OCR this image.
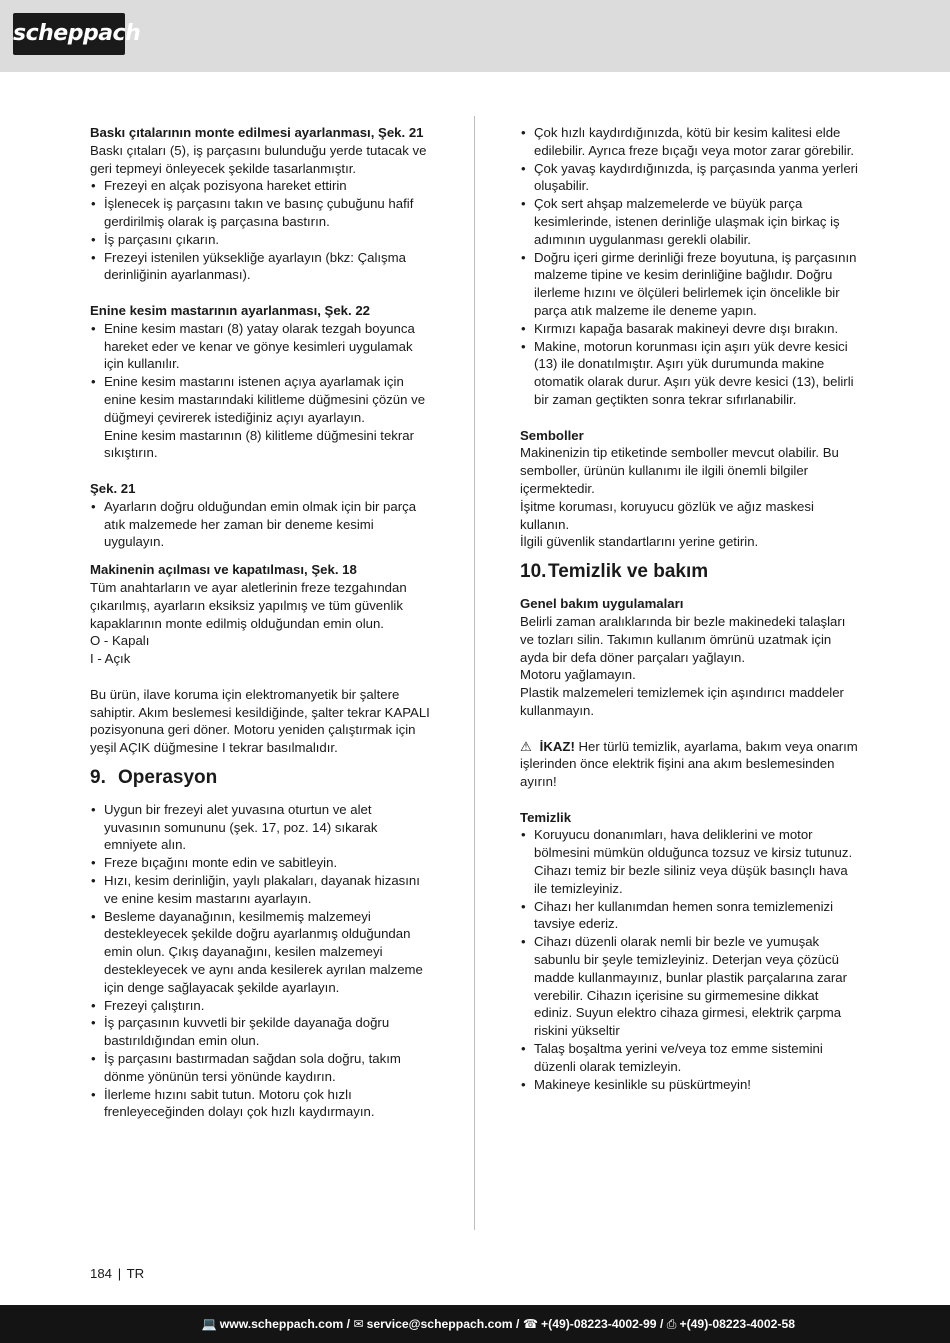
scheppach
Baskı çıtalarının monte edilmesi ayarlanması, Şek. 21

Baskı çıtaları (5), iş parçasını bulunduğu yerde tutacak ve geri tepmeyi önleyecek şekilde tasarlanmıştır.

• Frezeyi en alçak pozisyona hareket ettirin
• İşlenecek iş parçasını takın ve basınç çubuğunu hafif gerdirilmiş olarak iş parçasına bastırın.
• İş parçasını çıkarın.
• Frezeyi istenilen yüksekliğe ayarlayın (bkz: Çalışma derinliğinin ayarlanması).
Enine kesim mastarının ayarlanması, Şek. 22
• Enine kesim mastarı (8) yatay olarak tezgah boyunca hareket eder ve kenar ve gönye kesimleri uygulamak için kullanılır.
• Enine kesim mastarını istenen açıya ayarlamak için enine kesim mastarındaki kilitleme düğmesini çözün ve düğmeyi çevirerek istediğiniz açıyı ayarlayın.
Enine kesim mastarının (8) kilitleme düğmesini tekrar sıkıştırın.
Şek. 21
• Ayarların doğru olduğundan emin olmak için bir parça atık malzemede her zaman bir deneme kesimi uygulayın.
Makinenin açılması ve kapatılması, Şek. 18

Tüm anahtarların ve ayar aletlerinin freze tezgahından çıkarılmış, ayarların eksiksiz yapılmış ve tüm güvenlik kapaklarının monte edilmiş olduğundan emin olun.

O - Kapalı
I - Açık

Bu ürün, ilave koruma için elektromanyetik bir şaltere sahiptir. Akım beslemesi kesildiğinde, şalter tekrar KAPALI pozisyonuna geri döner. Motoru yeniden çalıştırmak için yeşil AÇIK düğmesine I tekrar basılmalıdır.

9. Operasyon
• Uygun bir frezeyi alet yuvasına oturtun ve alet yuvasının somununu (şek. 17, poz. 14) sıkarak emniyete alın.
• Freze bıçağını monte edin ve sabitleyin.
• Hızı, kesim derinliğin, yaylı plakaları, dayanak hizasını ve enine kesim mastarını ayarlayın.
• Besleme dayanağının, kesilmemiş malzemeyi destekleyecek şekilde doğru ayarlanmış olduğundan emin olun. Çıkış dayanağını, kesilen malzemeyi destekleyecek ve aynı anda kesilerek ayrılan malzeme için denge sağlayacak şekilde ayarlayın.
• Frezeyi çalıştırın.
• İş parçasının kuvvetli bir şekilde dayanağa doğru bastırıldığından emin olun.
• İş parçasını bastırmadan sağdan sola doğru, takım dönme yönünün tersi yönünde kaydırın.
• İlerleme hızını sabit tutun. Motoru çok hızlı frenleyeceğinden dolayı çok hızlı kaydırmayın.
• Çok hızlı kaydırdığınızda, kötü bir kesim kalitesi elde edilebilir. Ayrıca freze bıçağı veya motor zarar görebilir.
• Çok yavaş kaydırdığınızda, iş parçasında yanma yerleri oluşabilir.
• Çok sert ahşap malzemelerde ve büyük parça kesimlerinde, istenen derinliğe ulaşmak için birkaç iş adımının uygulanması gerekli olabilir.
• Doğru içeri girme derinliği freze boyutuna, iş parçasının malzeme tipine ve kesim derinliğine bağlıdır. Doğru ilerleme hızını ve ölçüleri belirlemek için öncelikle bir parça atık malzeme ile deneme yapın.
• Kırmızı kapağa basarak makineyi devre dışı bırakın.
• Makine, motorun korunması için aşırı yük devre kesici (13) ile donatılmıştır. Aşırı yük durumunda makine otomatik olarak durur. Aşırı yük devre kesici (13), belirli bir zaman geçtikten sonra tekrar sıfırlanabilir.
Semboller

Makinenizin tip etiketinde semboller mevcut olabilir. Bu semboller, ürünün kullanımı ile ilgili önemli bilgiler içermektedir.

İşitme koruması, koruyucu gözlük ve ağız maskesi kullanın.

İlgili güvenlik standartlarını yerine getirin.

10.Temizlik ve bakım
Genel bakım uygulamaları

Belirli zaman aralıklarında bir bezle makinedeki talaşları ve tozları silin. Takımın kullanım ömrünü uzatmak için ayda bir defa döner parçaları yağlayın.

Motoru yağlamayın.

Plastik malzemeleri temizlemek için aşındırıcı maddeler kullanmayın.

⚠ İKAZ! Her türlü temizlik, ayarlama, bakım veya onarım işlerinden önce elektrik fişini ana akım beslemesinden ayırın!

Temizlik
• Koruyucu donanımları, hava deliklerini ve motor bölmesini mümkün olduğunca tozsuz ve kirsiz tutunuz. Cihazı temiz bir bezle siliniz veya düşük basınçlı hava ile temizleyiniz.
• Cihazı her kullanımdan hemen sonra temizlemenizi tavsiye ederiz.
• Cihazı düzenli olarak nemli bir bezle ve yumuşak sabunlu bir şeyle temizleyiniz. Deterjan veya çözücü madde kullanmayınız, bunlar plastik parçalarına zarar verebilir. Cihazın içerisine su girmemesine dikkat ediniz. Suyun elektro cihaza girmesi, elektrik çarpma riskini yükseltir
• Talaş boşaltma yerini ve/veya toz emme sistemini düzenli olarak temizleyin.
• Makineye kesinlikle su püskürtmeyin!
184 | TR
💻 www.scheppach.com / ✉ service@scheppach.com / ☎ +(49)-08223-4002-99 / ⎙ +(49)-08223-4002-58
